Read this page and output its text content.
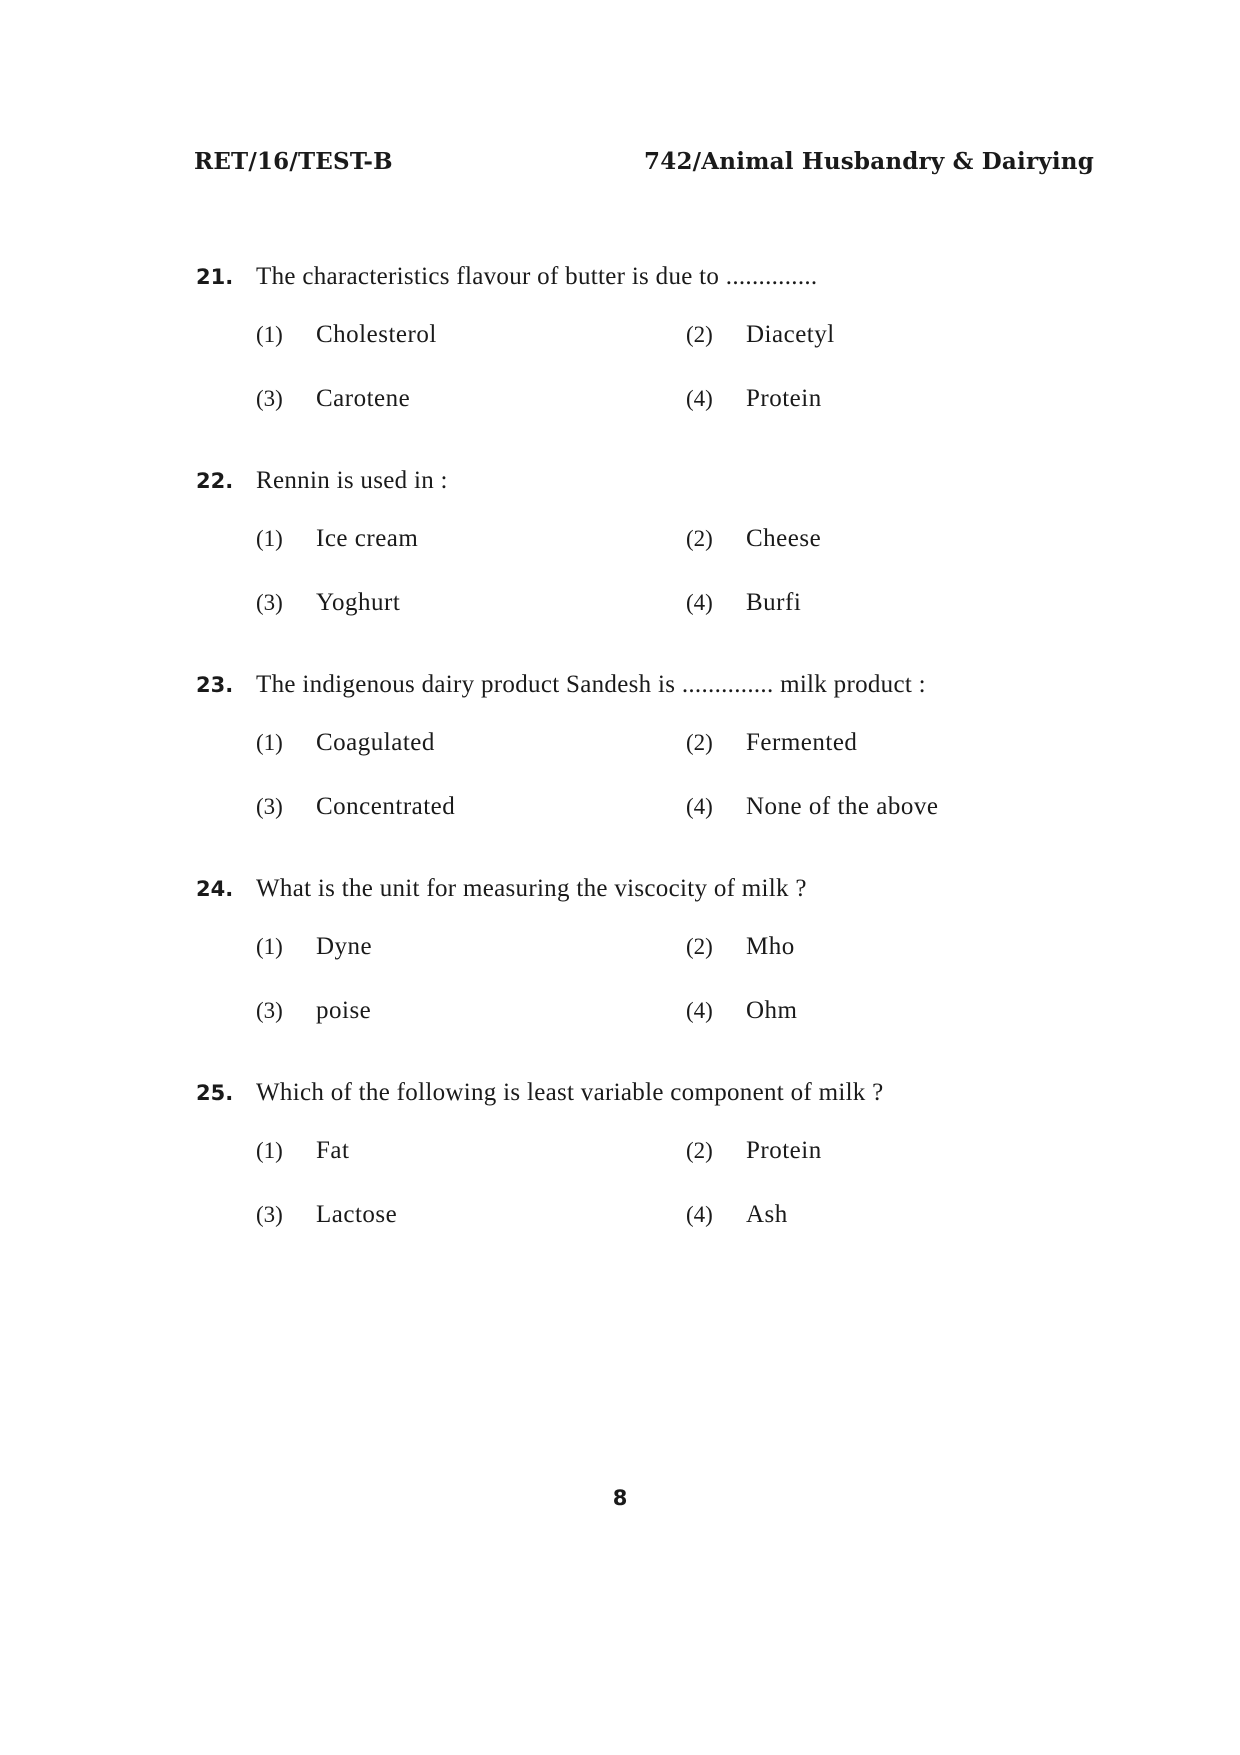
RET/16/TEST-B	742/Animal Husbandry & Dairying
21. The characteristics flavour of butter is due to ..............
(1)	Cholesterol	(2)	Diacetyl
(3)	Carotene	(4)	Protein
22. Rennin is used in :
(1)	Ice cream	(2)	Cheese
(3)	Yoghurt	(4)	Burfi
23. The indigenous dairy product Sandesh is .............. milk product :
(1)	Coagulated	(2)	Fermented
(3)	Concentrated	(4)	None of the above
24. What is the unit for measuring the viscocity of milk ?
(1)	Dyne	(2)	Mho
(3)	poise	(4)	Ohm
25. Which of the following is least variable component of milk ?
(1)	Fat	(2)	Protein
(3)	Lactose	(4)	Ash
8
